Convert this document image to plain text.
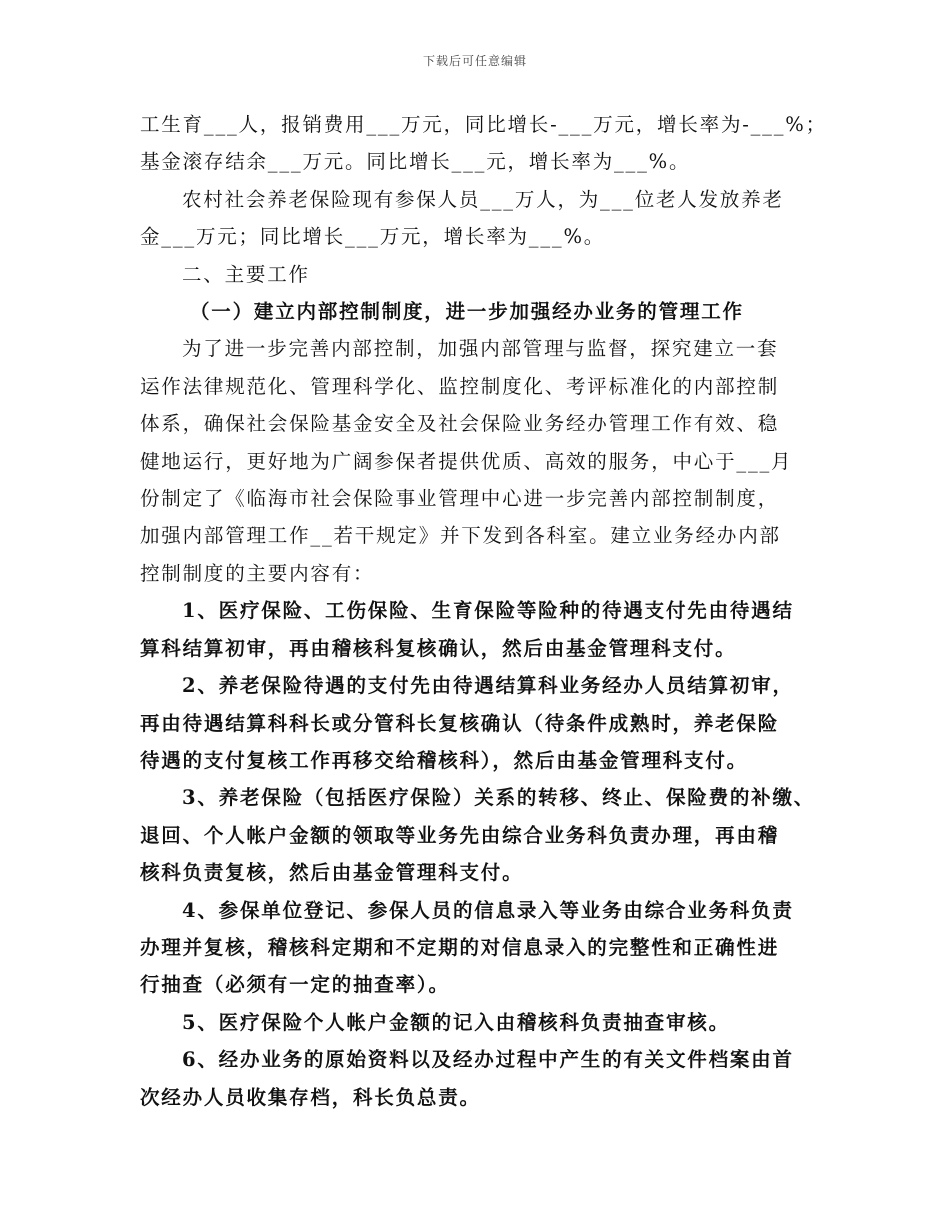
下载后可任意编辑

工生育___人，报销费用___万元，同比增长-___万元，增长率为-___%；

基金滚存结余___万元。同比增长___元，增长率为___%。

农村社会养老保险现有参保人员___万人，为___位老人发放养老

金___万元；同比增长___万元，增长率为___%。

二、主要工作

（一）建立内部控制制度，进一步加强经办业务的管理工作

为了进一步完善内部控制，加强内部管理与监督，探究建立一套

运作法律规范化、管理科学化、监控制度化、考评标准化的内部控制

体系，确保社会保险基金安全及社会保险业务经办管理工作有效、稳

健地运行，更好地为广阔参保者提供优质、高效的服务，中心于___月

份制定了《临海市社会保险事业管理中心进一步完善内部控制制度，

加强内部管理工作__若干规定》并下发到各科室。建立业务经办内部

控制制度的主要内容有：

1、医疗保险、工伤保险、生育保险等险种的待遇支付先由待遇结

算科结算初审，再由稽核科复核确认，然后由基金管理科支付。

2、养老保险待遇的支付先由待遇结算科业务经办人员结算初审，

再由待遇结算科科长或分管科长复核确认（待条件成熟时，养老保险

待遇的支付复核工作再移交给稽核科），然后由基金管理科支付。

3、养老保险（包括医疗保险）关系的转移、终止、保险费的补缴、

退回、个人帐户金额的领取等业务先由综合业务科负责办理，再由稽

核科负责复核，然后由基金管理科支付。

4、参保单位登记、参保人员的信息录入等业务由综合业务科负责

办理并复核，稽核科定期和不定期的对信息录入的完整性和正确性进

行抽查（必须有一定的抽查率）。

5、医疗保险个人帐户金额的记入由稽核科负责抽查审核。

6、经办业务的原始资料以及经办过程中产生的有关文件档案由首

次经办人员收集存档，科长负总责。
